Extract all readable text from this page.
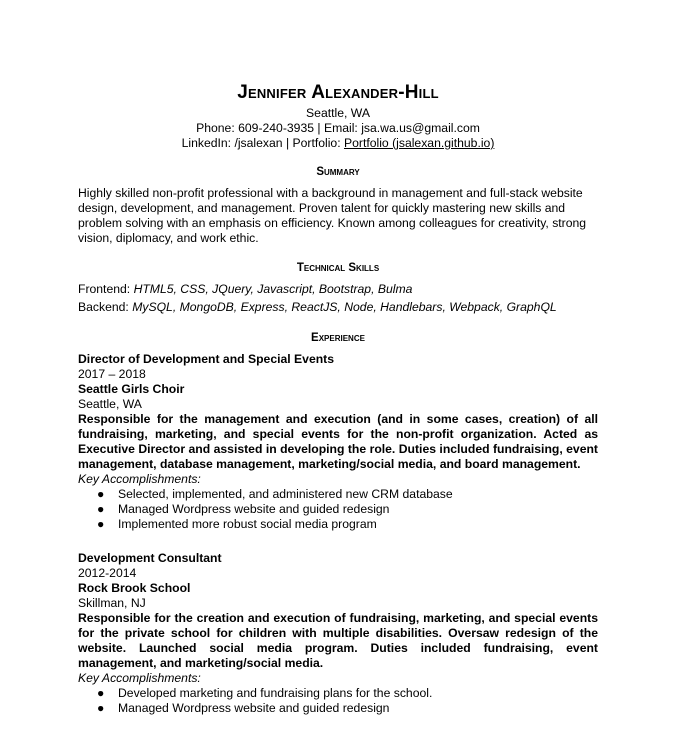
Jennifer Alexander-Hill
Seattle, WA
Phone: 609-240-3935 | Email: jsa.wa.us@gmail.com
LinkedIn: /jsalexan | Portfolio: Portfolio (jsalexan.github.io)
Summary

Highly skilled non-profit professional with a background in management and full-stack website design, development, and management. Proven talent for quickly mastering new skills and problem solving with an emphasis on efficiency. Known among colleagues for creativity, strong vision, diplomacy, and work ethic.

Technical Skills
Frontend: HTML5, CSS, JQuery, Javascript, Bootstrap, Bulma
Backend: MySQL, MongoDB, Express, ReactJS, Node, Handlebars, Webpack, GraphQL
Experience
Director of Development and Special Events
2017 – 2018
Seattle Girls Choir
Seattle, WA

Responsible for the management and execution (and in some cases, creation) of all fundraising, marketing, and special events for the non-profit organization. Acted as Executive Director and assisted in developing the role. Duties included fundraising, event management, database management, marketing/social media, and board management.

Key Accomplishments:
● Selected, implemented, and administered new CRM database
● Managed Wordpress website and guided redesign
● Implemented more robust social media program
Development Consultant
2012-2014
Rock Brook School
Skillman, NJ

Responsible for the creation and execution of fundraising, marketing, and special events for the private school for children with multiple disabilities. Oversaw redesign of the website. Launched social media program. Duties included fundraising, event management, and marketing/social media.

Key Accomplishments:
● Developed marketing and fundraising plans for the school.
● Managed Wordpress website and guided redesign
